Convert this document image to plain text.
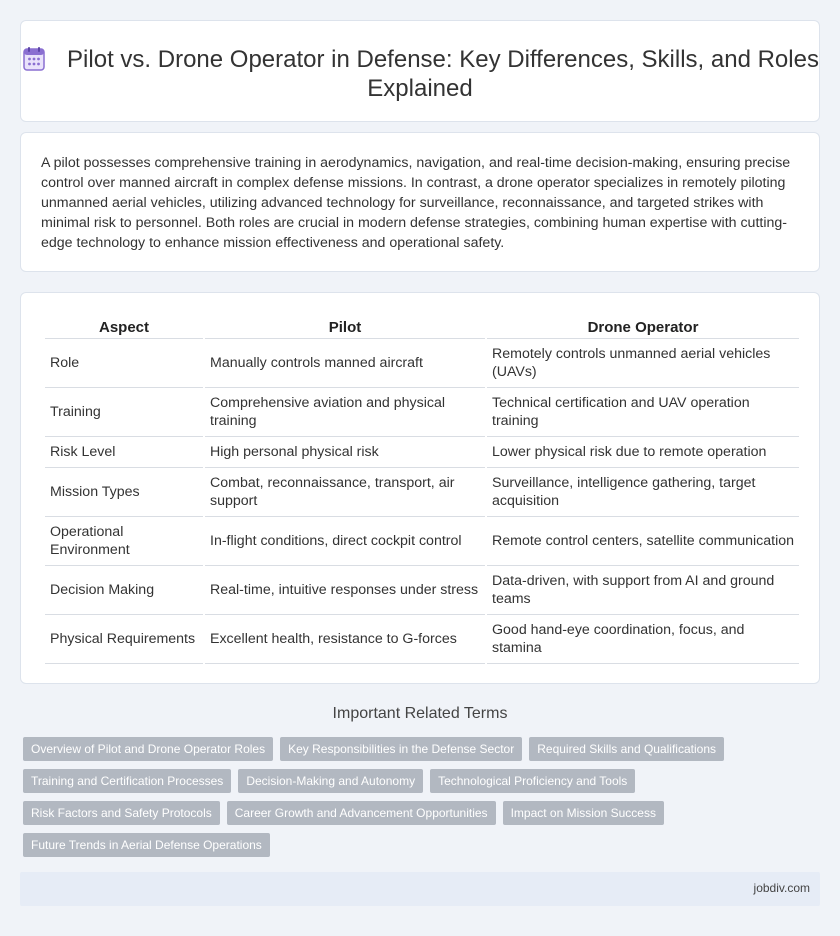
Pilot vs. Drone Operator in Defense: Key Differences, Skills, and Roles Explained

A pilot possesses comprehensive training in aerodynamics, navigation, and real-time decision-making, ensuring precise control over manned aircraft in complex defense missions. In contrast, a drone operator specializes in remotely piloting unmanned aerial vehicles, utilizing advanced technology for surveillance, reconnaissance, and targeted strikes with minimal risk to personnel. Both roles are crucial in modern defense strategies, combining human expertise with cutting-edge technology to enhance mission effectiveness and operational safety.

Aspect	Pilot	Drone Operator
Role	Manually controls manned aircraft	Remotely controls unmanned aerial vehicles (UAVs)
Training	Comprehensive aviation and physical training	Technical certification and UAV operation training
Risk Level	High personal physical risk	Lower physical risk due to remote operation
Mission Types	Combat, reconnaissance, transport, air support	Surveillance, intelligence gathering, target acquisition
Operational Environment	In-flight conditions, direct cockpit control	Remote control centers, satellite communication
Decision Making	Real-time, intuitive responses under stress	Data-driven, with support from AI and ground teams
Physical Requirements	Excellent health, resistance to G-forces	Good hand-eye coordination, focus, and stamina
Important Related Terms
Overview of Pilot and Drone Operator Roles	Key Responsibilities in the Defense Sector	Required Skills and Qualifications
Training and Certification Processes	Decision-Making and Autonomy	Technological Proficiency and Tools
Risk Factors and Safety Protocols	Career Growth and Advancement Opportunities	Impact on Mission Success
Future Trends in Aerial Defense Operations
jobdiv.com
